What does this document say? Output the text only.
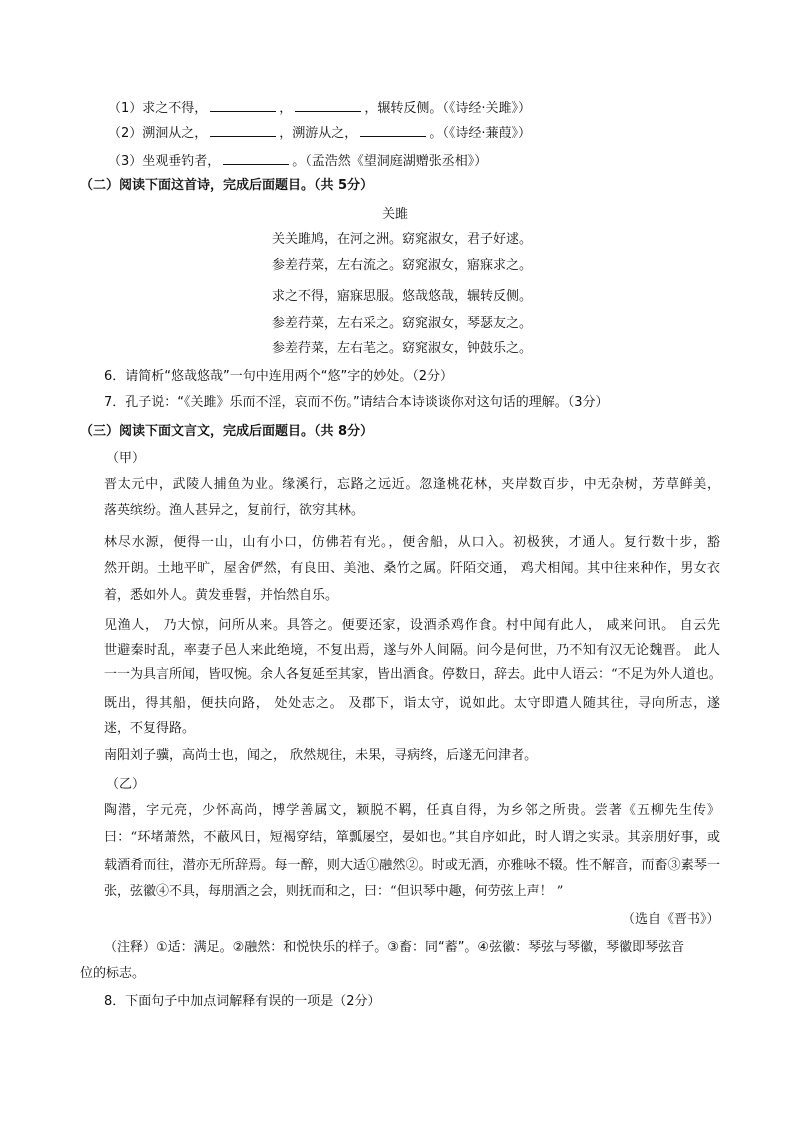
（1）求之不得，	，	，辗转反侧。（《诗经·关雎》）
（2）溯洄从之，	，溯游从之，	。（《诗经·蒹葭》）
（3）坐观垂钓者，	。（孟浩然《望洞庭湖赠张丞相》）
（二）阅读下面这首诗，完成后面题目。（共 5分）
关雎
关关雎鸠，在河之洲。窈窕淑女，君子好逑。
参差荇菜，左右流之。窈窕淑女，寤寐求之。
求之不得，寤寐思服。悠哉悠哉，辗转反侧。
参差荇菜，左右采之。窈窕淑女，琴瑟友之。
参差荇菜，左右芼之。窈窕淑女，钟鼓乐之。
6．请简析“悠哉悠哉”一句中连用两个“悠”字的妙处。（2分）
7．孔子说：“《关雎》乐而不淫，哀而不伤。”请结合本诗谈谈你对这句话的理解。（3分）
（三）阅读下面文言文，完成后面题目。（共 8分）
（甲）
晋太元中，武陵人捕鱼为业。缘溪行，忘路之远近。忽逢桃花林，夹岸数百步，中无杂树，芳草鲜美，
落英缤纷。渔人甚异之，复前行，欲穷其林。
林尽水源，便得一山，山有小口，仿佛若有光。，便舍船，从口入。初极狭，才通人。复行数十步，豁
然开朗。土地平旷，屋舍俨然，有良田、美池、桑竹之属。阡陌交通， 鸡犬相闻。其中往来种作，男女衣
着，悉如外人。黄发垂髫，并怡然自乐。
见渔人， 乃大惊，问所从来。具答之。便要还家，设酒杀鸡作食。村中闻有此人， 咸来问讯。 自云先
世避秦时乱，率妻子邑人来此绝境，不复出焉，遂与外人间隔。问今是何世，乃不知有汉无论魏晋。 此人
一一为具言所闻，皆叹惋。余人各复延至其家，皆出酒食。停数日，辞去。此中人语云：“不足为外人道也。
既出，得其船，便扶向路， 处处志之。 及郡下，诣太守，说如此。太守即遣人随其往，寻向所志，遂
迷，不复得路。
南阳刘子骥，高尚士也，闻之， 欣然规往，未果，寻病终，后遂无问津者。
（乙）
陶潜，字元亮，少怀高尚，博学善属文，颖脱不羁，任真自得，为乡邻之所贵。尝著《五柳先生传》
曰：“环堵萧然，不蔽风日，短褐穿结，箪瓢屡空，晏如也。”其自序如此，时人谓之实录。其亲朋好事，或
载酒肴而往，潜亦无所辞焉。每一醉，则大适①融然②。时或无酒，亦雅咏不辍。性不解音，而畜③素琴一
张，弦徽④不具，每朋酒之会，则抚而和之，曰：“但识琴中趣，何劳弦上声！ ”
（选自《晋书》）
（注释）①适：满足。②融然：和悦快乐的样子。③畜：同“蓄”。④弦徽：琴弦与琴徽，琴徽即琴弦音
位的标志。
8．下面句子中加点词解释有误的一项是（2分）
